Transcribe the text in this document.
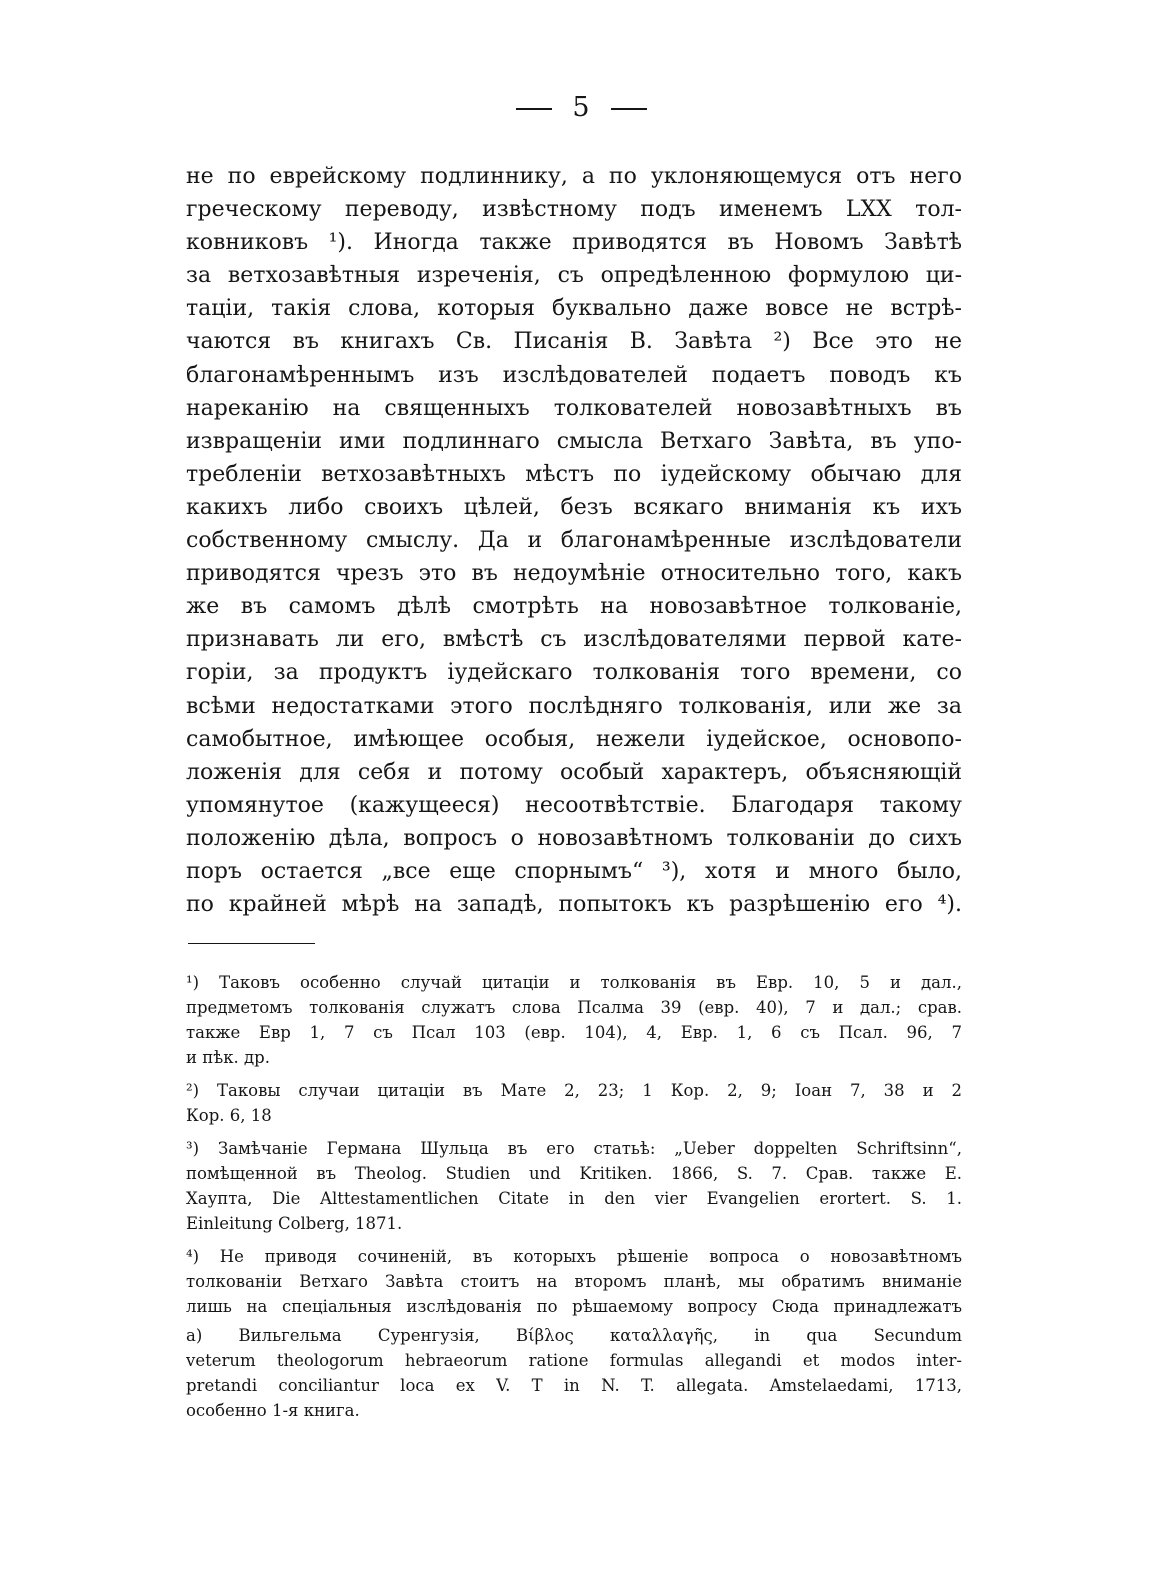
5
не по еврейскому подлиннику, а по уклоняющемуся отъ него
греческому переводу, извѣстному подъ именемъ LXX тол-
ковниковъ ¹). Иногда также приводятся въ Новомъ Завѣтѣ
за ветхозавѣтныя изреченія, съ опредѣленною формулою ци-
таціи, такія слова, которыя буквально даже вовсе не встрѣ-
чаются въ книгахъ Св. Писанія В. Завѣта ²) Все это не
благонамѣреннымъ изъ изслѣдователей подаетъ поводъ къ
нареканію на священныхъ толкователей новозавѣтныхъ въ
извращеніи ими подлиннаго смысла Ветхаго Завѣта, въ упо-
требленіи ветхозавѣтныхъ мѣстъ по іудейскому обычаю для
какихъ либо своихъ цѣлей, безъ всякаго вниманія къ ихъ
собственному смыслу. Да и благонамѣренные изслѣдователи
приводятся чрезъ это въ недоумѣніе относительно того, какъ
же въ самомъ дѣлѣ смотрѣть на новозавѣтное толкованіе,
признавать ли его, вмѣстѣ съ изслѣдователями первой кате-
горіи, за продуктъ іудейскаго толкованія того времени, со
всѣми недостатками этого послѣдняго толкованія, или же за
самобытное, имѣющее особыя, нежели іудейское, основопо-
ложенія для себя и потому особый характеръ, объясняющій
упомянутое (кажущееся) несоотвѣтствіе. Благодаря такому
положенію дѣла, вопросъ о новозавѣтномъ толкованіи до сихъ
поръ остается „все еще спорнымъ“ ³), хотя и много было,
по крайней мѣрѣ на западѣ, попытокъ къ разрѣшенію его ⁴).
¹) Таковъ особенно случай цитаціи и толкованія въ Евр. 10, 5 и дал.,
предметомъ толкованія служатъ слова Псалма 39 (евр. 40), 7 и дал.; срав.
также Евр 1, 7 съ Псал 103 (евр. 104), 4, Евр. 1, 6 съ Псал. 96, 7
и пѣк. др.
²) Таковы случаи цитаціи въ Мате 2, 23; 1 Кор. 2, 9; Іоан 7, 38 и 2
Кор. 6, 18
³) Замѣчаніе Германа Шульца въ его статьѣ: „Ueber doppelten Schriftsinn“,
помѣщенной въ Theolog. Studien und Kritiken. 1866, S. 7. Срав. также E.
Хаупта, Die Alttestamentlichen Citate in den vier Evangelien erortert. S. 1.
Einleitung Colberg, 1871.
⁴) Не приводя сочиненій, въ которыхъ рѣшеніе вопроса о новозавѣтномъ
толкованіи Ветхаго Завѣта стоитъ на второмъ планѣ, мы обратимъ вниманіе
лишь на спеціальныя изслѣдованія по рѣшаемому вопросу Сюда принадлежатъ
а) Вильгельма Суренгузія, Βίβλος καταλλαγῆς, in qua Secundum
veterum theologorum hebraeorum ratione formulas allegandi et modos inter-
pretandi conciliantur loca ex V. T in N. T. allegata. Amstelaedami, 1713,
особенно 1-я книга.
